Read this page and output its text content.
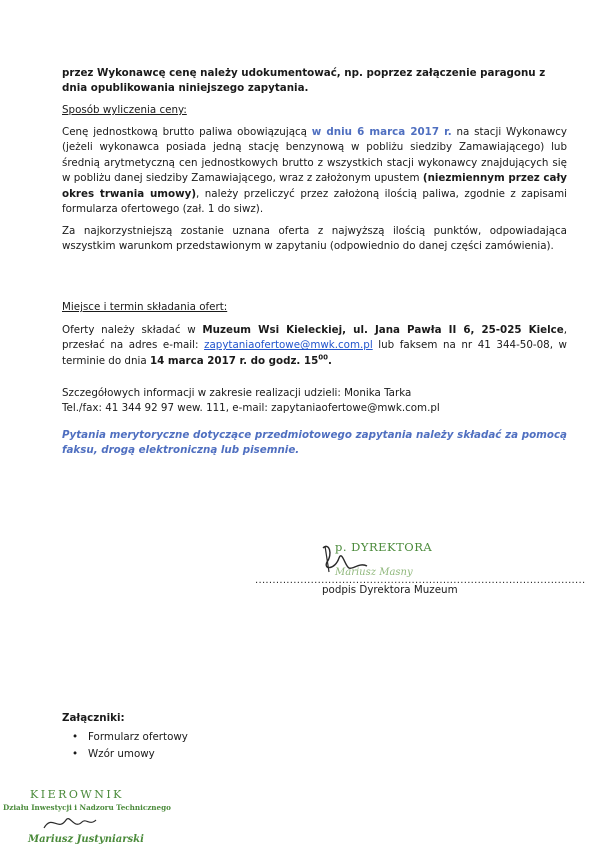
przez Wykonawcę cenę należy udokumentować, np. poprzez załączenie paragonu z dnia opublikowania niniejszego zapytania.

Sposób wyliczenia ceny:

Cenę jednostkową brutto paliwa obowiązującą w dniu 6 marca 2017 r. na stacji Wykonawcy (jeżeli wykonawca posiada jedną stację benzynową w pobliżu siedziby Zamawiającego) lub średnią arytmetyczną cen jednostkowych brutto z wszystkich stacji wykonawcy znajdujących się w pobliżu danej siedziby Zamawiającego, wraz z założonym upustem (niezmiennym przez cały okres trwania umowy), należy przeliczyć przez założoną ilością paliwa, zgodnie z zapisami formularza ofertowego (zał. 1 do siwz).

Za najkorzystniejszą zostanie uznana oferta z najwyższą ilością punktów, odpowiadająca wszystkim warunkom przedstawionym w zapytaniu (odpowiednio do danej części zamówienia).

Miejsce i termin składania ofert:

Oferty należy składać w Muzeum Wsi Kieleckiej, ul. Jana Pawła II 6, 25-025 Kielce, przesłać na adres e-mail: zapytaniaofertowe@mwk.com.pl lub faksem na nr 41 344-50-08, w terminie do dnia 14 marca 2017 r. do godz. $15^{00}$.

Szczegółowych informacji w zakresie realizacji udzieli: Monika Tarka

Tel./fax: 41 344 92 97 wew. 111, e-mail: zapytaniaofertowe@mwk.com.pl

Pytania merytoryczne dotyczące przedmiotowego zapytania należy składać za pomocą faksu, drogą elektroniczną lub pisemnie.

p. DYREKTORA
Mariusz Masny
...............................................................................................
podpis Dyrektora Muzeum
Załączniki:
• Formularz ofertowy
• Wzór umowy
KIEROWNIK
Działu Inwestycji i Nadzoru Technicznego
Mariusz Justyniarski
